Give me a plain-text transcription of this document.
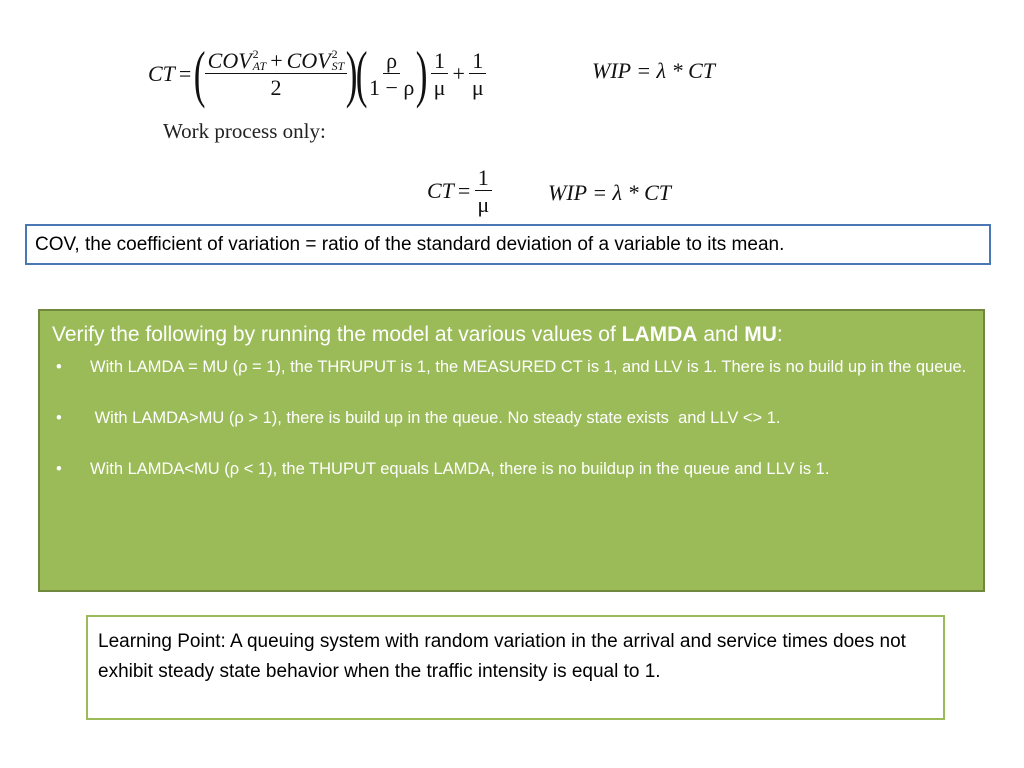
CT = ( COV 2
AT + COV 2
ST
2 )
(
$\frac{\rho}{1 - \rho}$
) $\frac{1}{\mu} + \frac{1}{\mu}$	WIP = λ * CT
Work process only:
CT = $\frac{1}{\mu}$	WIP = λ * CT
COV, the coefficient of variation = ratio of the standard deviation of a variable to its mean.
Verify the following by running the model at various values of LAMDA and MU:
•	With LAMDA = MU (ρ = 1), the THRUPUT is 1, the MEASURED CT is 1, and LLV is 1. There is no build up in the queue.
•	With LAMDA>MU (ρ > 1), there is build up in the queue. No steady state exists  and LLV <> 1.
•	With LAMDA<MU (ρ < 1), the THUPUT equals LAMDA, there is no buildup in the queue and LLV is 1.
Learning Point: A queuing system with random variation in the arrival and service times does not exhibit steady state behavior when the traffic intensity is equal to 1.
